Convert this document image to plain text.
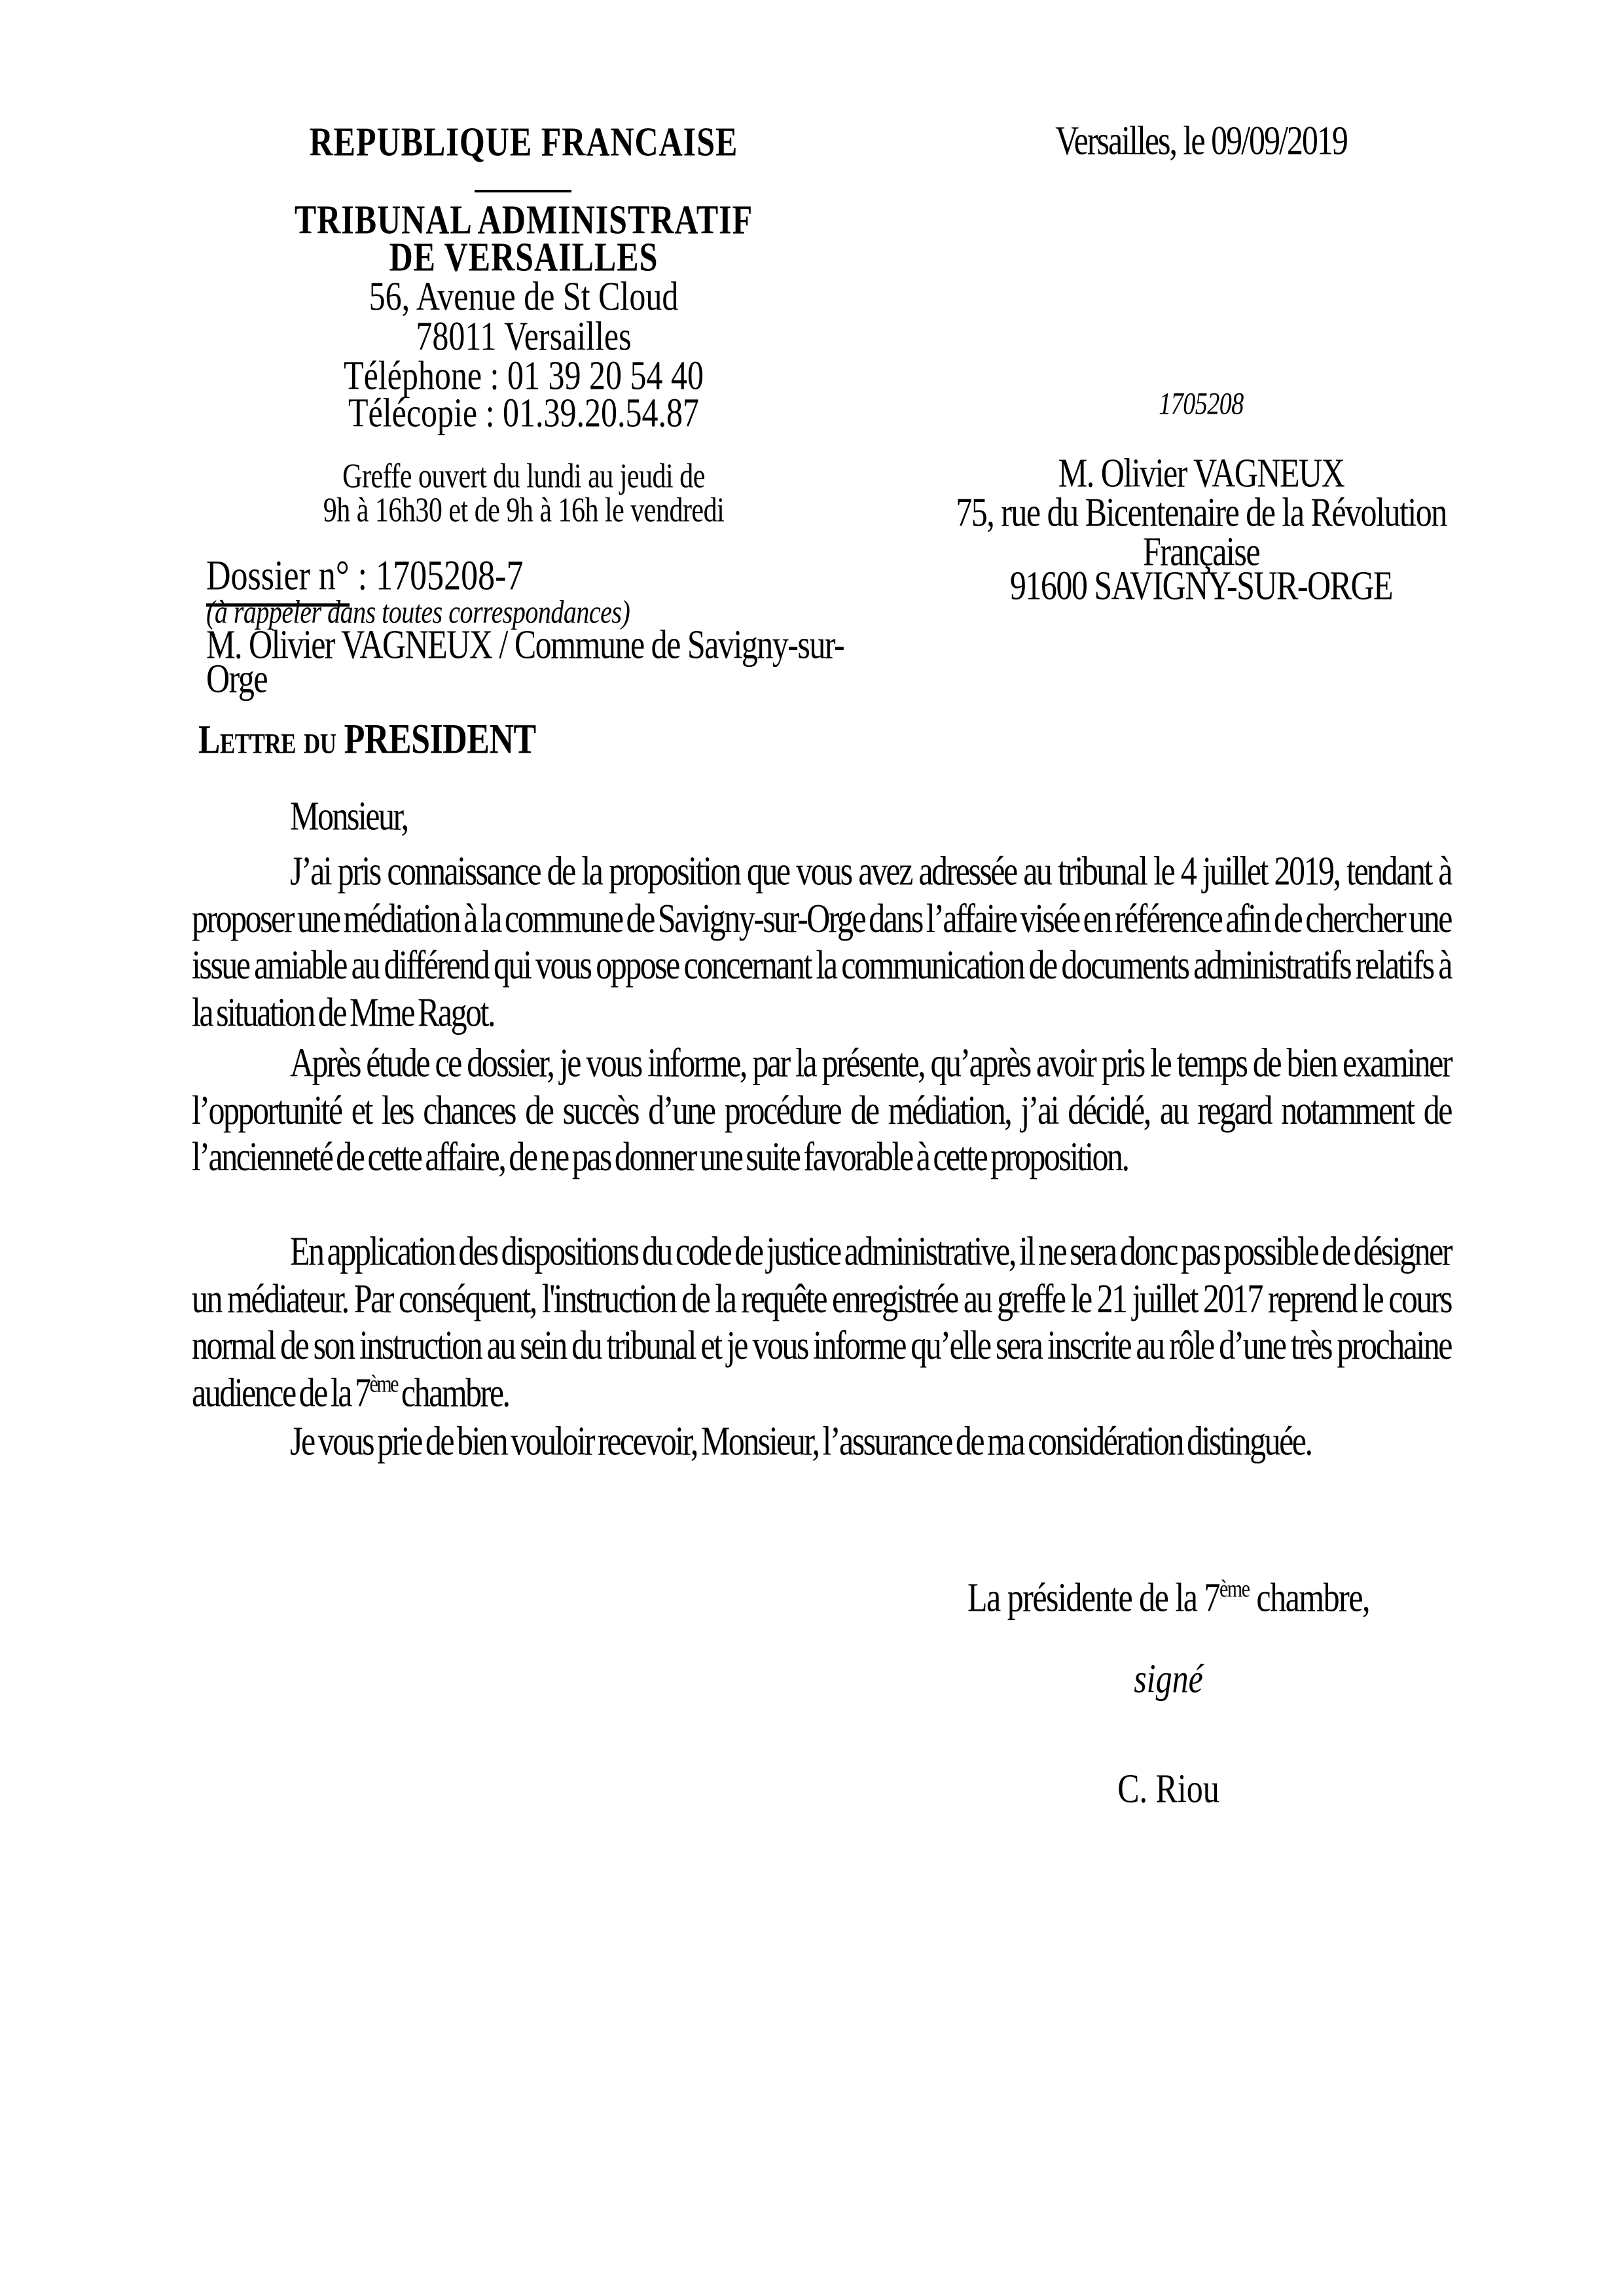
REPUBLIQUE FRANCAISE
TRIBUNAL ADMINISTRATIF
DE VERSAILLES
56, Avenue de St Cloud
78011 Versailles
Téléphone : 01 39 20 54 40
Télécopie : 01.39.20.54.87
Greffe ouvert du lundi au jeudi de
9h à 16h30 et de 9h à 16h le vendredi
Versailles, le 09/09/2019
1705208
M. Olivier VAGNEUX
75, rue du Bicentenaire de la Révolution
Française
91600 SAVIGNY-SUR-ORGE
Dossier n° : 1705208-7
(à rappeler dans toutes correspondances)
M. Olivier VAGNEUX / Commune de Savigny-sur-
Orge
Lettre du PRESIDENT
Monsieur,
J’ai pris connaissance de la proposition que vous avez adressée au tribunal le 4 juillet 2019, tendant à proposer une médiation à la commune de Savigny-sur-Orge dans l’affaire visée en référence afin de chercher une issue amiable au différend qui vous oppose concernant la communication de documents administratifs relatifs à la situation de Mme Ragot.
Après étude ce dossier, je vous informe, par la présente, qu’après avoir pris le temps de bien examiner l’opportunité et les chances de succès d’une procédure de médiation, j’ai décidé, au regard notamment de l’ancienneté de cette affaire, de ne pas donner une suite favorable à cette proposition.
En application des dispositions du code de justice administrative, il ne sera donc pas possible de désigner un médiateur. Par conséquent, l'instruction de la requête enregistrée au greffe le 21 juillet 2017 reprend le cours normal de son instruction au sein du tribunal et je vous informe qu’elle sera inscrite au rôle d’une très prochaine audience de la 7ème chambre.
Je vous prie de bien vouloir recevoir, Monsieur, l’assurance de ma considération distinguée.
La présidente de la 7ème chambre,
signé
C. Riou
